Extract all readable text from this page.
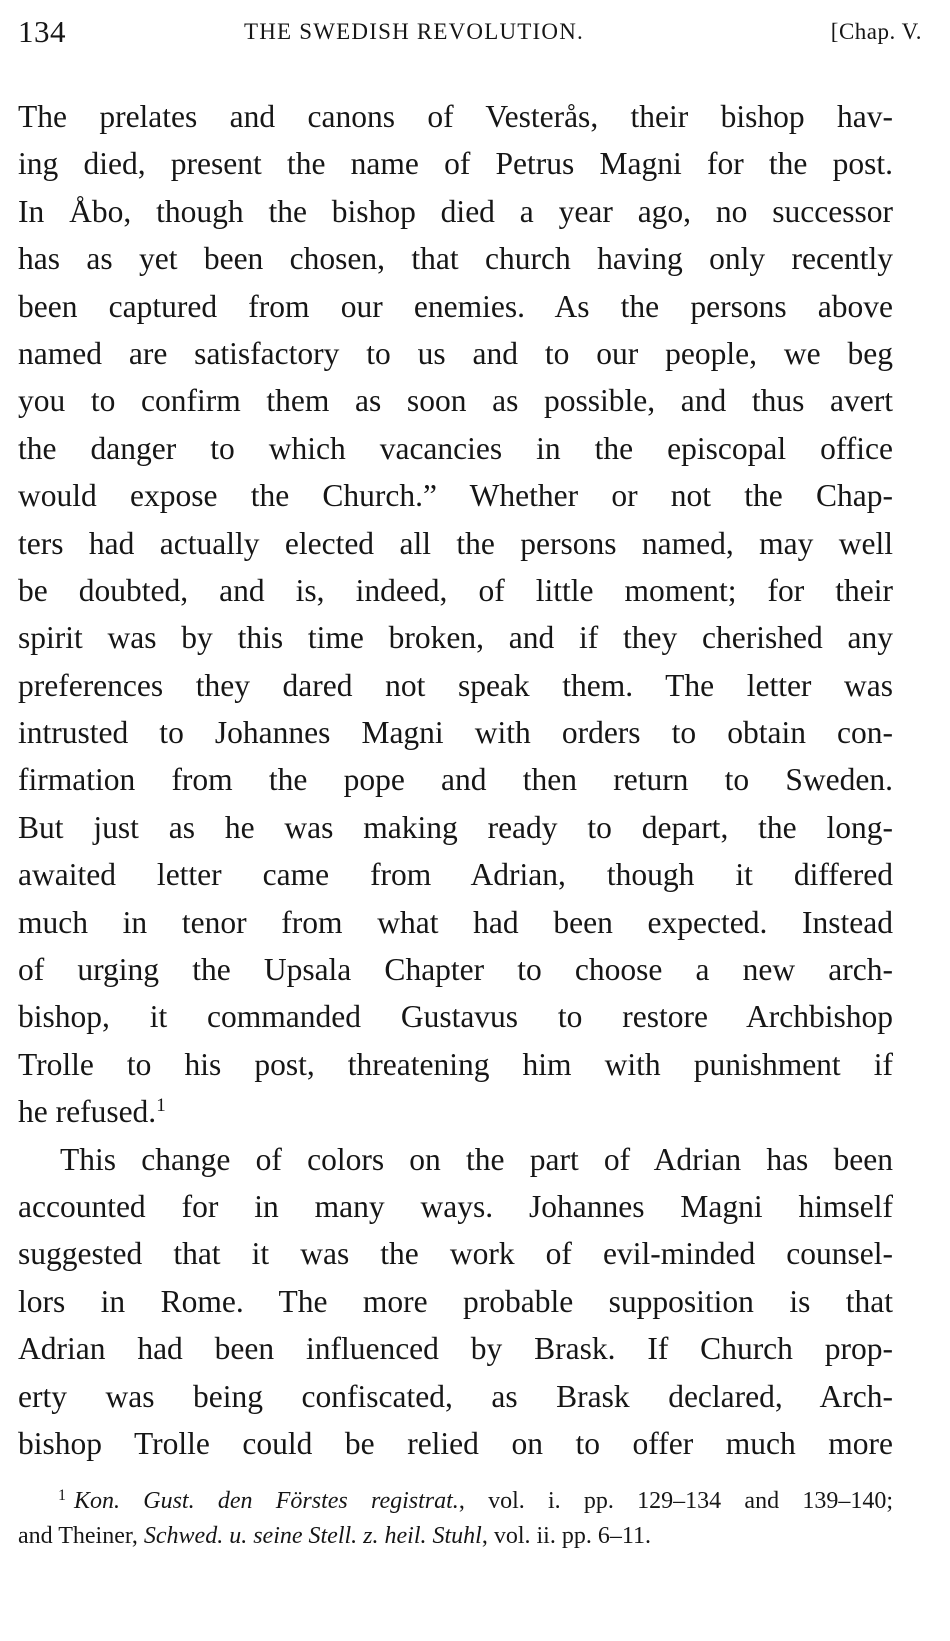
134	THE SWEDISH REVOLUTION.	[Chap. V.
The prelates and canons of Vesterås, their bishop hav-
ing died, present the name of Petrus Magni for the post.
In Åbo, though the bishop died a year ago, no successor
has as yet been chosen, that church having only recently
been captured from our enemies. As the persons above
named are satisfactory to us and to our people, we beg
you to confirm them as soon as possible, and thus avert
the danger to which vacancies in the episcopal office
would expose the Church.” Whether or not the Chap-
ters had actually elected all the persons named, may well
be doubted, and is, indeed, of little moment; for their
spirit was by this time broken, and if they cherished any
preferences they dared not speak them. The letter was
intrusted to Johannes Magni with orders to obtain con-
firmation from the pope and then return to Sweden.
But just as he was making ready to depart, the long-
awaited letter came from Adrian, though it differed
much in tenor from what had been expected. Instead
of urging the Upsala Chapter to choose a new arch-
bishop, it commanded Gustavus to restore Archbishop
Trolle to his post, threatening him with punishment if
he refused.$^1$
This change of colors on the part of Adrian has been
accounted for in many ways. Johannes Magni himself
suggested that it was the work of evil-minded counsel-
lors in Rome. The more probable supposition is that
Adrian had been influenced by Brask. If Church prop-
erty was being confiscated, as Brask declared, Arch-
bishop Trolle could be relied on to offer much more
$^1$ Kon. Gust. den Förstes registrat., vol. i. pp. 129–134 and 139–140;
and Theiner, Schwed. u. seine Stell. z. heil. Stuhl, vol. ii. pp. 6–11.
